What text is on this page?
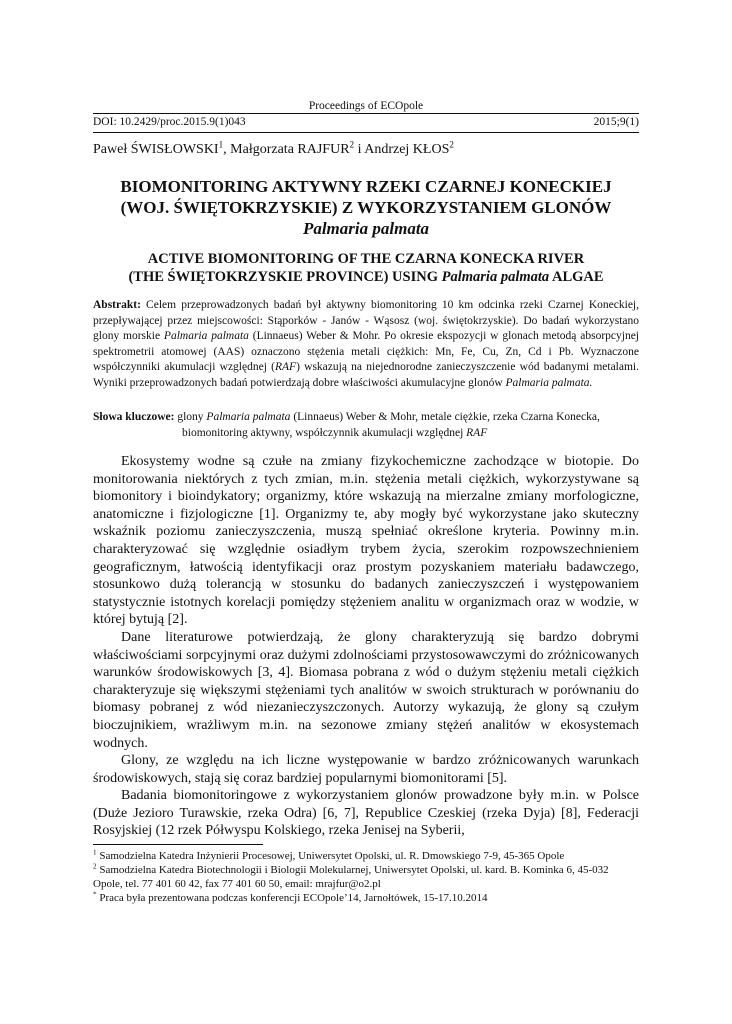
Proceedings of ECOpole
DOI: 10.2429/proc.2015.9(1)043	2015;9(1)
Paweł ŚWISŁOWSKI$^1$, Małgorzata RAJFUR$^2$ i Andrzej KŁOS$^2$
BIOMONITORING AKTYWNY RZEKI CZARNEJ KONECKIEJ
(WOJ. ŚWIĘTOKRZYSKIE) Z WYKORZYSTANIEM GLONÓW
Palmaria palmata
ACTIVE BIOMONITORING OF THE CZARNA KONECKA RIVER
(THE ŚWIĘTOKRZYSKIE PROVINCE) USING Palmaria palmata ALGAE
Abstrakt: Celem przeprowadzonych badań był aktywny biomonitoring 10 km odcinka rzeki Czarnej Koneckiej, przepływającej przez miejscowości: Stąporków - Janów - Wąsosz (woj. świętokrzyskie). Do badań wykorzystano glony morskie Palmaria palmata (Linnaeus) Weber & Mohr. Po okresie ekspozycji w glonach metodą absorpcyjnej spektrometrii atomowej (AAS) oznaczono stężenia metali ciężkich: Mn, Fe, Cu, Zn, Cd i Pb. Wyznaczone współczynniki akumulacji względnej (RAF) wskazują na niejednorodne zanieczyszczenie wód badanymi metalami. Wyniki przeprowadzonych badań potwierdzają dobre właściwości akumulacyjne glonów Palmaria palmata.
Słowa kluczowe: glony Palmaria palmata (Linnaeus) Weber & Mohr, metale ciężkie, rzeka Czarna Konecka,
biomonitoring aktywny, współczynnik akumulacji względnej RAF

Ekosystemy wodne są czułe na zmiany fizykochemiczne zachodzące w biotopie. Do monitorowania niektórych z tych zmian, m.in. stężenia metali ciężkich, wykorzystywane są biomonitory i bioindykatory; organizmy, które wskazują na mierzalne zmiany morfologiczne, anatomiczne i fizjologiczne [1]. Organizmy te, aby mogły być wykorzystane jako skuteczny wskaźnik poziomu zanieczyszczenia, muszą spełniać określone kryteria. Powinny m.in. charakteryzować się względnie osiadłym trybem życia, szerokim rozpowszechnieniem geograficznym, łatwością identyfikacji oraz prostym pozyskaniem materiału badawczego, stosunkowo dużą tolerancją w stosunku do badanych zanieczyszczeń i występowaniem statystycznie istotnych korelacji pomiędzy stężeniem analitu w organizmach oraz w wodzie, w której bytują [2].

Dane literaturowe potwierdzają, że glony charakteryzują się bardzo dobrymi właściwościami sorpcyjnymi oraz dużymi zdolnościami przystosowawczymi do zróżnicowanych warunków środowiskowych [3, 4]. Biomasa pobrana z wód o dużym stężeniu metali ciężkich charakteryzuje się większymi stężeniami tych analitów w swoich strukturach w porównaniu do biomasy pobranej z wód niezanieczyszczonych. Autorzy wykazują, że glony są czułym bioczujnikiem, wrażliwym m.in. na sezonowe zmiany stężeń analitów w ekosystemach wodnych.

Glony, ze względu na ich liczne występowanie w bardzo zróżnicowanych warunkach środowiskowych, stają się coraz bardziej popularnymi biomonitorami [5].

Badania biomonitoringowe z wykorzystaniem glonów prowadzone były m.in. w Polsce (Duże Jezioro Turawskie, rzeka Odra) [6, 7], Republice Czeskiej (rzeka Dyja) [8], Federacji Rosyjskiej (12 rzek Półwyspu Kolskiego, rzeka Jenisej na Syberii,

$^1$ Samodzielna Katedra Inżynierii Procesowej, Uniwersytet Opolski, ul. R. Dmowskiego 7-9, 45-365 Opole

$^2$ Samodzielna Katedra Biotechnologii i Biologii Molekularnej, Uniwersytet Opolski, ul. kard. B. Kominka 6, 45-032 Opole, tel. 77 401 60 42, fax 77 401 60 50, email: mrajfur@o2.pl

* Praca była prezentowana podczas konferencji ECOpole’14, Jarnołtówek, 15-17.10.2014
